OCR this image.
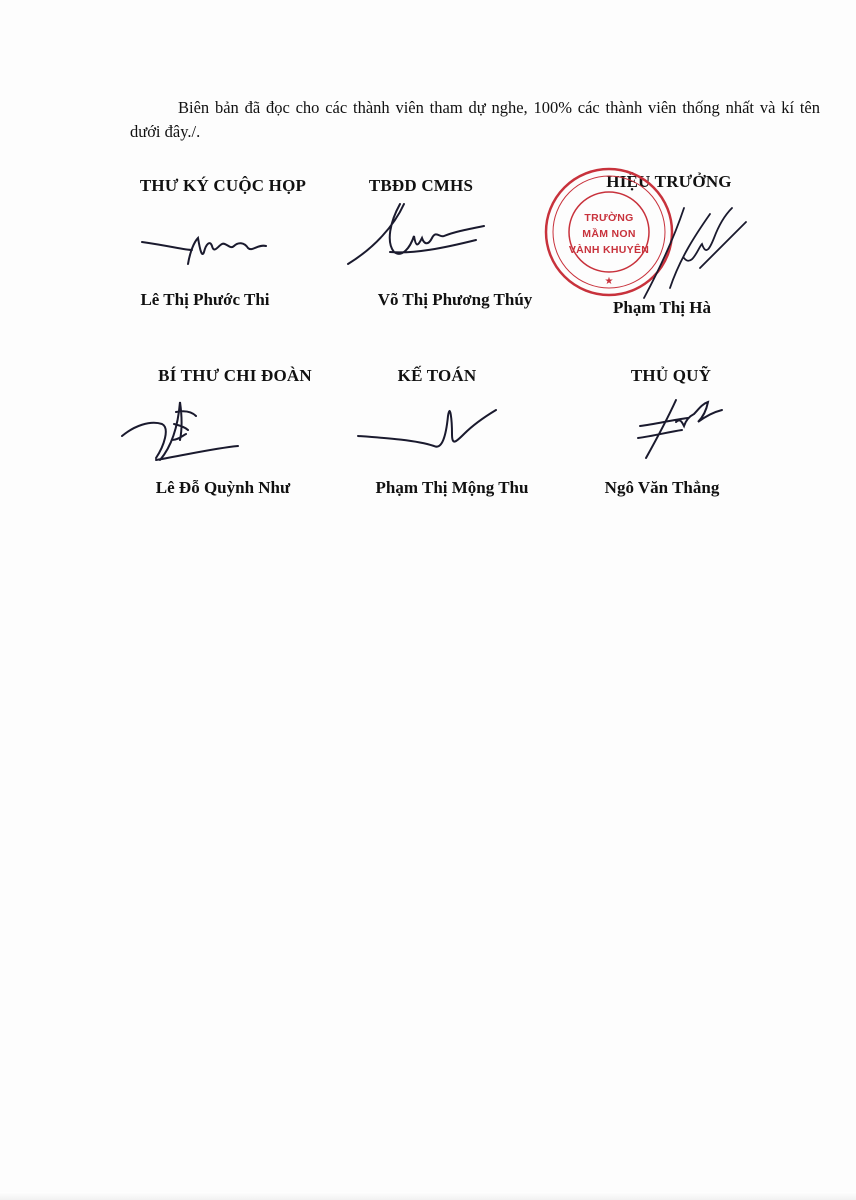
Biên bản đã đọc cho các thành viên tham dự nghe, 100% các thành viên thống nhất và kí tên dưới đây./.

THƯ KÝ CUỘC HỌP
Lê Thị Phước Thi
TBĐD CMHS
Võ Thị Phương Thúy
HIỆU TRƯỞNG
★
TRƯỜNG
MẦM NON
VÀNH KHUYÊN
Phạm Thị Hà
BÍ THƯ CHI ĐOÀN
Lê Đỗ Quỳnh Như
KẾ TOÁN
Phạm Thị Mộng Thu
THỦ QUỸ
Ngô Văn Thẳng
